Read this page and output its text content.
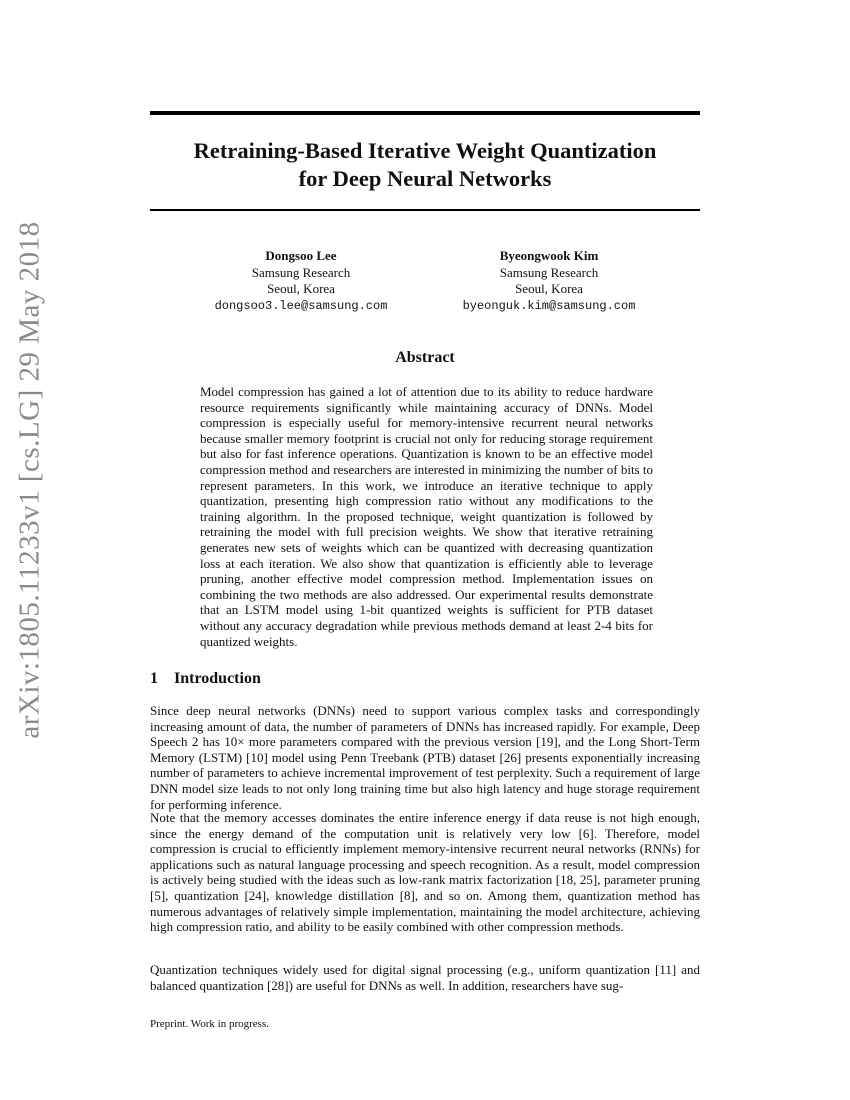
arXiv:1805.11233v1 [cs.LG] 29 May 2018
Retraining-Based Iterative Weight Quantization
for Deep Neural Networks
Dongsoo Lee
Samsung Research
Seoul, Korea
dongsoo3.lee@samsung.com
Byeongwook Kim
Samsung Research
Seoul, Korea
byeonguk.kim@samsung.com
Abstract
Model compression has gained a lot of attention due to its ability to reduce hardware resource requirements significantly while maintaining accuracy of DNNs. Model compression is especially useful for memory-intensive recurrent neural networks because smaller memory footprint is crucial not only for reducing storage requirement but also for fast inference operations. Quantization is known to be an effective model compression method and researchers are interested in minimizing the number of bits to represent parameters. In this work, we introduce an iterative technique to apply quantization, presenting high compression ratio without any modifications to the training algorithm. In the proposed technique, weight quantization is followed by retraining the model with full precision weights. We show that iterative retraining generates new sets of weights which can be quantized with decreasing quantization loss at each iteration. We also show that quantization is efficiently able to leverage pruning, another effective model compression method. Implementation issues on combining the two methods are also addressed. Our experimental results demonstrate that an LSTM model using 1-bit quantized weights is sufficient for PTB dataset without any accuracy degradation while previous methods demand at least 2-4 bits for quantized weights.
1 Introduction
Since deep neural networks (DNNs) need to support various complex tasks and correspondingly increasing amount of data, the number of parameters of DNNs has increased rapidly. For example, Deep Speech 2 has 10× more parameters compared with the previous version [19], and the Long Short-Term Memory (LSTM) [10] model using Penn Treebank (PTB) dataset [26] presents exponentially increasing number of parameters to achieve incremental improvement of test perplexity. Such a requirement of large DNN model size leads to not only long training time but also high latency and huge storage requirement for performing inference.
Note that the memory accesses dominates the entire inference energy if data reuse is not high enough, since the energy demand of the computation unit is relatively very low [6]. Therefore, model compression is crucial to efficiently implement memory-intensive recurrent neural networks (RNNs) for applications such as natural language processing and speech recognition. As a result, model compression is actively being studied with the ideas such as low-rank matrix factorization [18, 25], parameter pruning [5], quantization [24], knowledge distillation [8], and so on. Among them, quantization method has numerous advantages of relatively simple implementation, maintaining the model architecture, achieving high compression ratio, and ability to be easily combined with other compression methods.
Quantization techniques widely used for digital signal processing (e.g., uniform quantization [11] and balanced quantization [28]) are useful for DNNs as well. In addition, researchers have sug-
Preprint. Work in progress.
